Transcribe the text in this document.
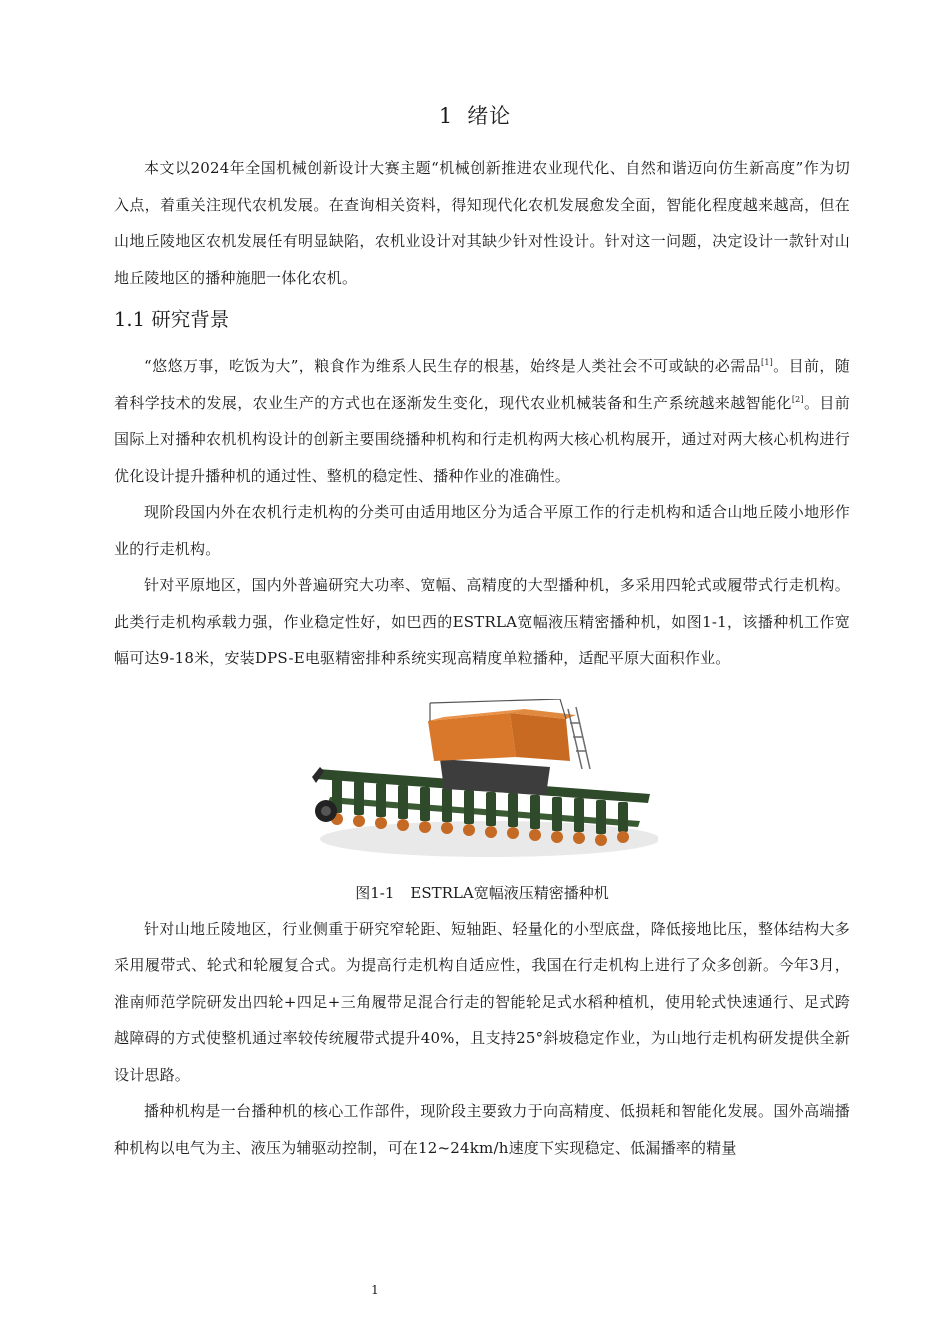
1 绪论

本文以2024年全国机械创新设计大赛主题“机械创新推进农业现代化、自然和谐迈向仿生新高度”作为切入点，着重关注现代农机发展。在查询相关资料，得知现代化农机发展愈发全面，智能化程度越来越高，但在山地丘陵地区农机发展任有明显缺陷，农机业设计对其缺少针对性设计。针对这一问题，决定设计一款针对山地丘陵地区的播种施肥一体化农机。

1.1 研究背景

“悠悠万事，吃饭为大”，粮食作为维系人民生存的根基，始终是人类社会不可或缺的必需品[1]。目前，随着科学技术的发展，农业生产的方式也在逐渐发生变化，现代农业机械装备和生产系统越来越智能化[2]。目前国际上对播种农机机构设计的创新主要围绕播种机构和行走机构两大核心机构展开，通过对两大核心机构进行优化设计提升播种机的通过性、整机的稳定性、播种作业的准确性。

现阶段国内外在农机行走机构的分类可由适用地区分为适合平原工作的行走机构和适合山地丘陵小地形作业的行走机构。

针对平原地区，国内外普遍研究大功率、宽幅、高精度的大型播种机，多采用四轮式或履带式行走机构。此类行走机构承载力强，作业稳定性好，如巴西的ESTRLA宽幅液压精密播种机，如图1-1，该播种机工作宽幅可达9-18米，安装DPS-E电驱精密排种系统实现高精度单粒播种，适配平原大面积作业。

图1-1 ESTRLA宽幅液压精密播种机

针对山地丘陵地区，行业侧重于研究窄轮距、短轴距、轻量化的小型底盘，降低接地比压，整体结构大多采用履带式、轮式和轮履复合式。为提高行走机构自适应性，我国在行走机构上进行了众多创新。今年3月，淮南师范学院研发出四轮+四足+三角履带足混合行走的智能轮足式水稻种植机，使用轮式快速通行、足式跨越障碍的方式使整机通过率较传统履带式提升40%，且支持25°斜坡稳定作业，为山地行走机构研发提供全新设计思路。

播种机构是一台播种机的核心工作部件，现阶段主要致力于向高精度、低损耗和智能化发展。国外高端播种机构以电气为主、液压为辅驱动控制，可在12~24km/h速度下实现稳定、低漏播率的精量

1
